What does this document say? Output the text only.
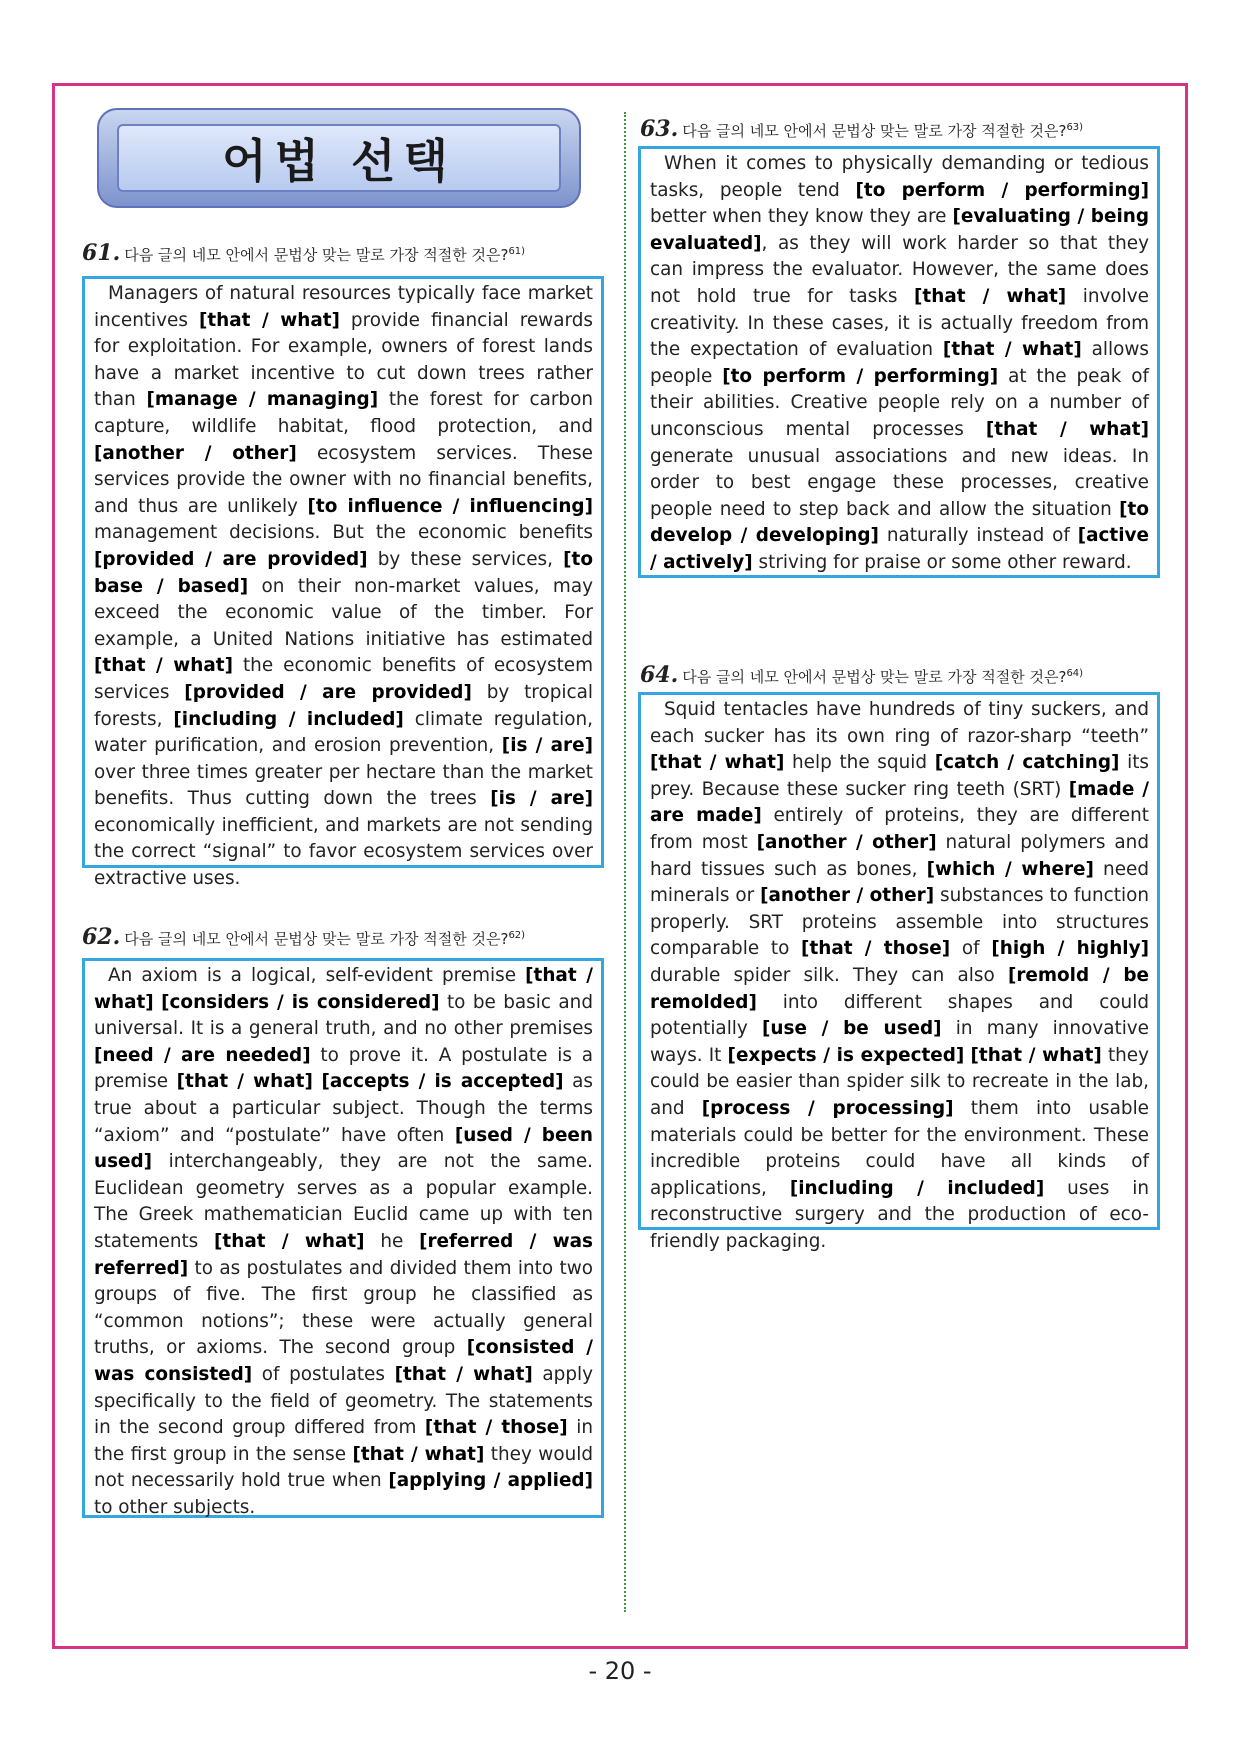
어법 선택
61. 다음 글의 네모 안에서 문법상 맞는 말로 가장 적절한 것은?$^{61)}$

Managers of natural resources typically face market incentives [that / what] provide financial rewards for exploitation. For example, owners of forest lands have a market incentive to cut down trees rather than [manage / managing] the forest for carbon capture, wildlife habitat, flood protection, and [another / other] ecosystem services. These services provide the owner with no financial benefits, and thus are unlikely [to influence / influencing] management decisions. But the economic benefits [provided / are provided] by these services, [to base / based] on their non-market values, may exceed the economic value of the timber. For example, a United Nations initiative has estimated [that / what] the economic benefits of ecosystem services [provided / are provided] by tropical forests, [including / included] climate regulation, water purification, and erosion prevention, [is / are] over three times greater per hectare than the market benefits. Thus cutting down the trees [is / are] economically inefficient, and markets are not sending the correct “signal” to favor ecosystem services over extractive uses.

62. 다음 글의 네모 안에서 문법상 맞는 말로 가장 적절한 것은?$^{62)}$

An axiom is a logical, self-evident premise [that / what] [considers / is considered] to be basic and universal. It is a general truth, and no other premises [need / are needed] to prove it. A postulate is a premise [that / what] [accepts / is accepted] as true about a particular subject. Though the terms “axiom” and “postulate” have often [used / been used] interchangeably, they are not the same. Euclidean geometry serves as a popular example. The Greek mathematician Euclid came up with ten statements [that / what] he [referred / was referred] to as postulates and divided them into two groups of five. The first group he classified as “common notions”; these were actually general truths, or axioms. The second group [consisted / was consisted] of postulates [that / what] apply specifically to the field of geometry. The statements in the second group differed from [that / those] in the first group in the sense [that / what] they would not necessarily hold true when [applying / applied] to other subjects.

63. 다음 글의 네모 안에서 문법상 맞는 말로 가장 적절한 것은?$^{63)}$

When it comes to physically demanding or tedious tasks, people tend [to perform / performing] better when they know they are [evaluating / being evaluated], as they will work harder so that they can impress the evaluator. However, the same does not hold true for tasks [that / what] involve creativity. In these cases, it is actually freedom from the expectation of evaluation [that / what] allows people [to perform / performing] at the peak of their abilities. Creative people rely on a number of unconscious mental processes [that / what] generate unusual associations and new ideas. In order to best engage these processes, creative people need to step back and allow the situation [to develop / developing] naturally instead of [active / actively] striving for praise or some other reward.

64. 다음 글의 네모 안에서 문법상 맞는 말로 가장 적절한 것은?$^{64)}$

Squid tentacles have hundreds of tiny suckers, and each sucker has its own ring of razor-sharp “teeth” [that / what] help the squid [catch / catching] its prey. Because these sucker ring teeth (SRT) [made / are made] entirely of proteins, they are different from most [another / other] natural polymers and hard tissues such as bones, [which / where] need minerals or [another / other] substances to function properly. SRT proteins assemble into structures comparable to [that / those] of [high / highly] durable spider silk. They can also [remold / be remolded] into different shapes and could potentially [use / be used] in many innovative ways. It [expects / is expected] [that / what] they could be easier than spider silk to recreate in the lab, and [process / processing] them into usable materials could be better for the environment. These incredible proteins could have all kinds of applications, [including / included] uses in reconstructive surgery and the production of eco-friendly packaging.

- 20 -
